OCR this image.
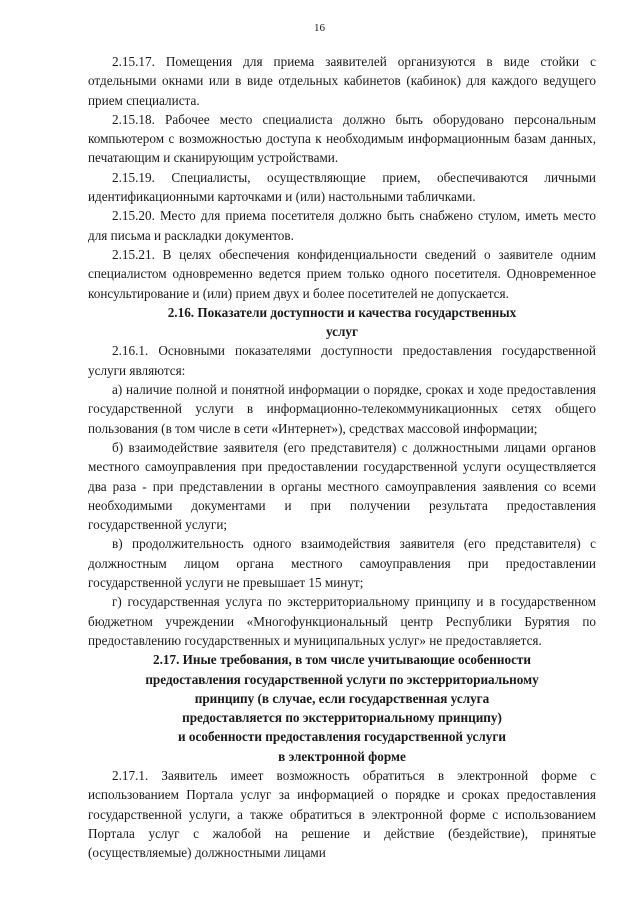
16

2.15.17. Помещения для приема заявителей организуются в виде стойки с отдельными окнами или в виде отдельных кабинетов (кабинок) для каждого ведущего прием специалиста.

2.15.18. Рабочее место специалиста должно быть оборудовано персональным компьютером с возможностью доступа к необходимым информационным базам данных, печатающим и сканирующим устройствами.

2.15.19. Специалисты, осуществляющие прием, обеспечиваются личными идентификационными карточками и (или) настольными табличками.

2.15.20. Место для приема посетителя должно быть снабжено стулом, иметь место для письма и раскладки документов.

2.15.21. В целях обеспечения конфиденциальности сведений о заявителе одним специалистом одновременно ведется прием только одного посетителя. Одновременное консультирование и (или) прием двух и более посетителей не допускается.

2.16. Показатели доступности и качества государственных
услуг

2.16.1. Основными показателями доступности предоставления государственной услуги являются:

а) наличие полной и понятной информации о порядке, сроках и ходе предоставления государственной услуги в информационно-телекоммуникационных сетях общего пользования (в том числе в сети «Интернет»), средствах массовой информации;

б) взаимодействие заявителя (его представителя) с должностными лицами органов местного самоуправления при предоставлении государственной услуги осуществляется два раза - при представлении в органы местного самоуправления заявления со всеми необходимыми документами и при получении результата предоставления государственной услуги;

в) продолжительность одного взаимодействия заявителя (его представителя) с должностным лицом органа местного самоуправления при предоставлении государственной услуги не превышает 15 минут;

г) государственная услуга по экстерриториальному принципу и в государственном бюджетном учреждении «Многофункциональный центр Республики Бурятия по предоставлению государственных и муниципальных услуг» не предоставляется.

2.17. Иные требования, в том числе учитывающие особенности
предоставления государственной услуги по экстерриториальному
принципу (в случае, если государственная услуга
предоставляется по экстерриториальному принципу)
и особенности предоставления государственной услуги
в электронной форме

2.17.1. Заявитель имеет возможность обратиться в электронной форме с использованием Портала услуг за информацией о порядке и сроках предоставления государственной услуги, а также обратиться в электронной форме с использованием Портала услуг с жалобой на решение и действие (бездействие), принятые (осуществляемые) должностными лицами
